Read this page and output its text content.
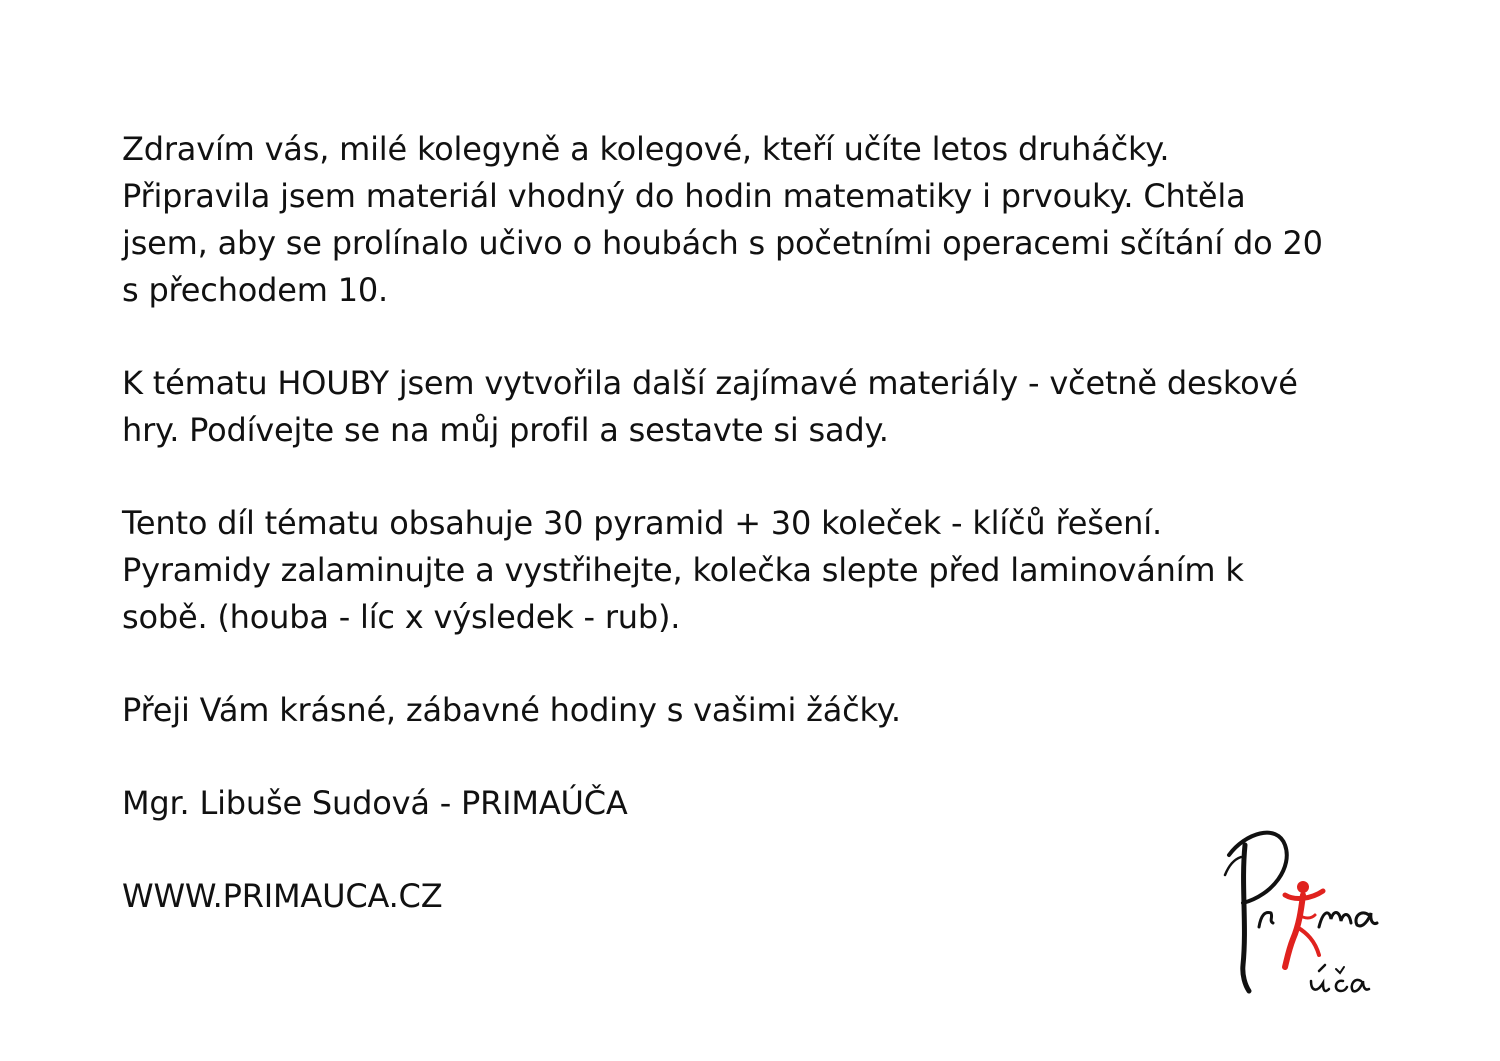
Zdravím vás, milé kolegyně a kolegové, kteří učíte letos druháčky.
Připravila jsem materiál vhodný do hodin matematiky i prvouky. Chtěla
jsem, aby se prolínalo učivo o houbách s početními operacemi sčítání do 20
s přechodem 10.

K tématu HOUBY jsem vytvořila další zajímavé materiály - včetně deskové
hry. Podívejte se na můj profil a sestavte si sady.

Tento díl tématu obsahuje 30 pyramid + 30 koleček - klíčů řešení.
Pyramidy zalaminujte a vystřihejte, kolečka slepte před laminováním k
sobě. (houba - líc x výsledek - rub).

Přeji Vám krásné, zábavné hodiny s vašimi žáčky.

Mgr. Libuše Sudová - PRIMAÚČA

WWW.PRIMAUCA.CZ
